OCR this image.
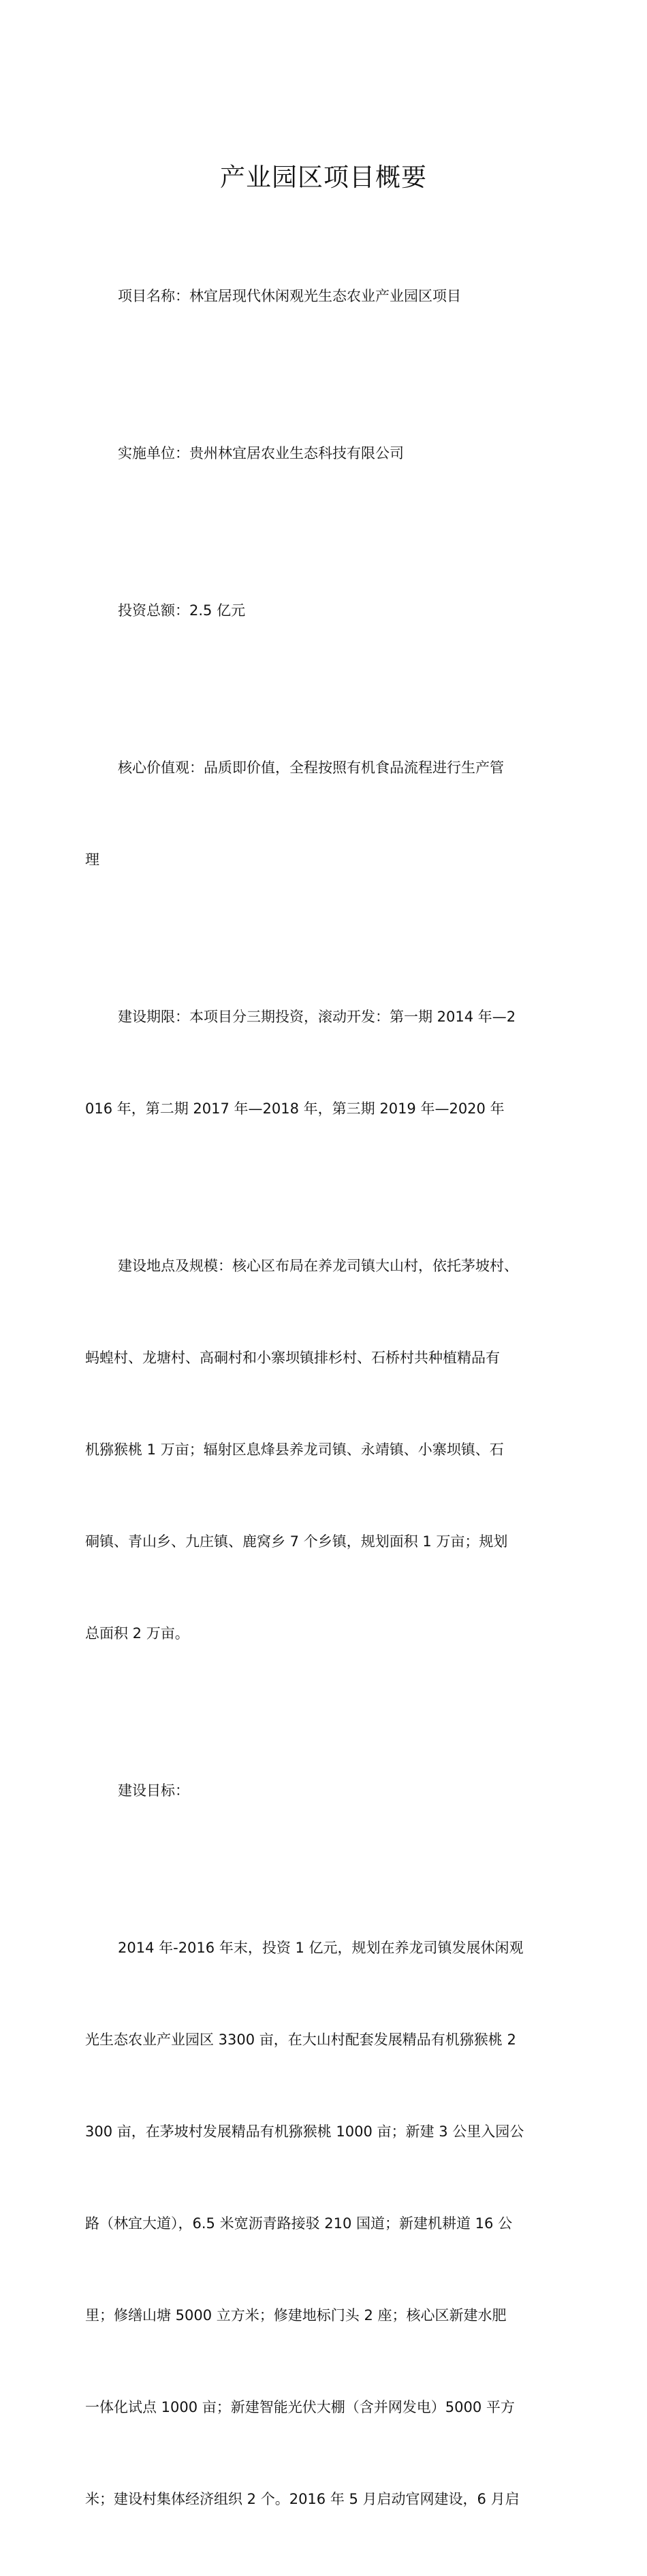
产业园区项目概要

项目名称：林宜居现代休闲观光生态农业产业园区项目

实施单位：贵州林宜居农业生态科技有限公司

投资总额：2.5 亿元

核心价值观：品质即价值，全程按照有机食品流程进行生产管

理

建设期限：本项目分三期投资，滚动开发：第一期 2014 年—2

016 年，第二期 2017 年—2018 年，第三期 2019 年—2020 年

建设地点及规模：核心区布局在养龙司镇大山村，依托茅坡村、

蚂蝗村、龙塘村、高硐村和小寨坝镇排杉村、石桥村共种植精品有

机猕猴桃 1 万亩；辐射区息烽县养龙司镇、永靖镇、小寨坝镇、石

硐镇、青山乡、九庄镇、鹿窝乡 7 个乡镇，规划面积 1 万亩；规划

总面积 2 万亩。

建设目标：

2014 年-2016 年末，投资 1 亿元，规划在养龙司镇发展休闲观

光生态农业产业园区 3300 亩，在大山村配套发展精品有机猕猴桃 2

300 亩，在茅坡村发展精品有机猕猴桃 1000 亩；新建 3 公里入园公

路（林宜大道），6.5 米宽沥青路接驳 210 国道；新建机耕道 16 公

里；修缮山塘 5000 立方米；修建地标门头 2 座；核心区新建水肥

一体化试点 1000 亩；新建智能光伏大棚（含并网发电）5000 平方

米；建设村集体经济组织 2 个。2016 年 5 月启动官网建设，6 月启
